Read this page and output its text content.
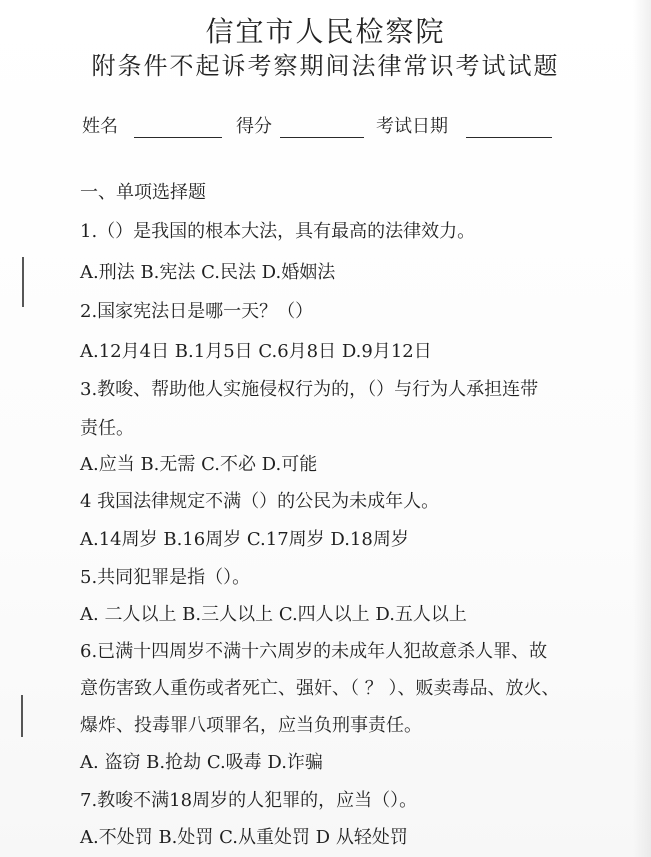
信宜市人民检察院
附条件不起诉考察期间法律常识考试试题
姓名	得分	考试日期
一、单项选择题
1.（）是我国的根本大法，具有最高的法律效力。
A.刑法 B.宪法 C.民法 D.婚姻法
2.国家宪法日是哪一天？（）
A.12月4日 B.1月5日 C.6月8日 D.9月12日
3.教唆、帮助他人实施侵权行为的，（）与行为人承担连带
责任。
A.应当 B.无需 C.不必 D.可能
4 我国法律规定不满（）的公民为未成年人。
A.14周岁 B.16周岁 C.17周岁 D.18周岁
5.共同犯罪是指（）。
A. 二人以上 B.三人以上 C.四人以上 D.五人以上
6.已满十四周岁不满十六周岁的未成年人犯故意杀人罪、故
意伤害致人重伤或者死亡、强奸、（ ？ ）、贩卖毒品、放火、
爆炸、投毒罪八项罪名，应当负刑事责任。
A. 盗窃 B.抢劫 C.吸毒 D.诈骗
7.教唆不满18周岁的人犯罪的，应当（）。
A.不处罚 B.处罚 C.从重处罚 D 从轻处罚
